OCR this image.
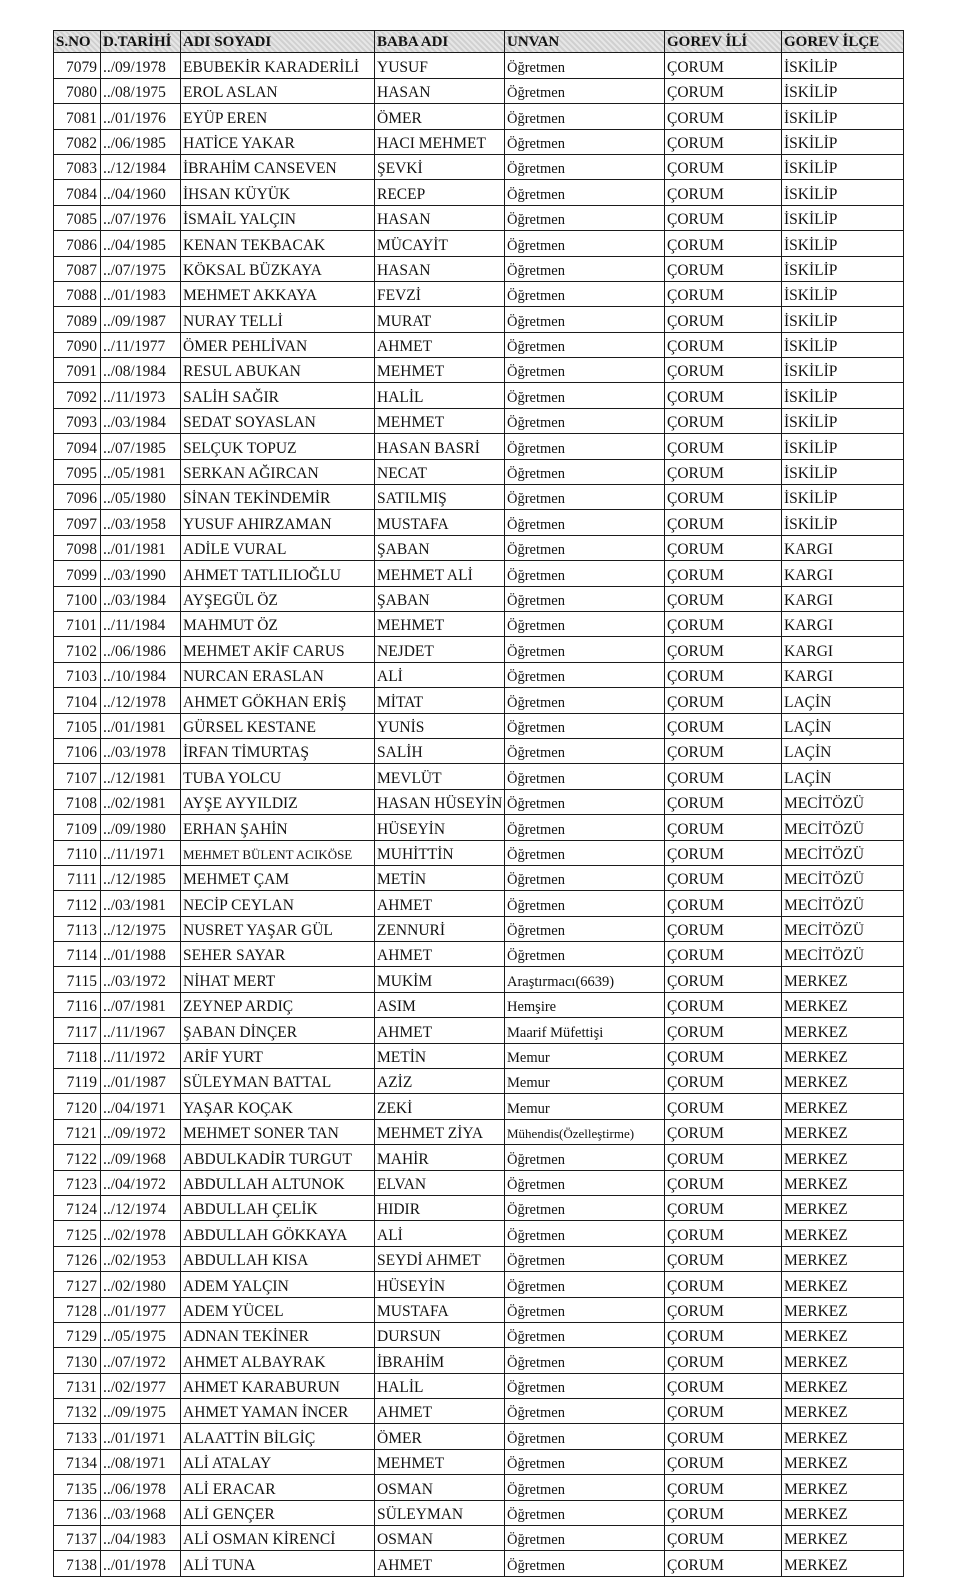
S.NO	D.TARİHİ	ADI SOYADI	BABA ADI	UNVAN	GOREV İLİ	GOREV İLÇE
7079	../09/1978	EBUBEKİR KARADERİLİ	YUSUF	Öğretmen	ÇORUM	İSKİLİP
7080	../08/1975	EROL ASLAN	HASAN	Öğretmen	ÇORUM	İSKİLİP
7081	../01/1976	EYÜP EREN	ÖMER	Öğretmen	ÇORUM	İSKİLİP
7082	../06/1985	HATİCE YAKAR	HACI MEHMET	Öğretmen	ÇORUM	İSKİLİP
7083	../12/1984	İBRAHİM CANSEVEN	ŞEVKİ	Öğretmen	ÇORUM	İSKİLİP
7084	../04/1960	İHSAN KÜYÜK	RECEP	Öğretmen	ÇORUM	İSKİLİP
7085	../07/1976	İSMAİL YALÇIN	HASAN	Öğretmen	ÇORUM	İSKİLİP
7086	../04/1985	KENAN TEKBACAK	MÜCAYİT	Öğretmen	ÇORUM	İSKİLİP
7087	../07/1975	KÖKSAL BÜZKAYA	HASAN	Öğretmen	ÇORUM	İSKİLİP
7088	../01/1983	MEHMET AKKAYA	FEVZİ	Öğretmen	ÇORUM	İSKİLİP
7089	../09/1987	NURAY TELLİ	MURAT	Öğretmen	ÇORUM	İSKİLİP
7090	../11/1977	ÖMER PEHLİVAN	AHMET	Öğretmen	ÇORUM	İSKİLİP
7091	../08/1984	RESUL ABUKAN	MEHMET	Öğretmen	ÇORUM	İSKİLİP
7092	../11/1973	SALİH SAĞIR	HALİL	Öğretmen	ÇORUM	İSKİLİP
7093	../03/1984	SEDAT SOYASLAN	MEHMET	Öğretmen	ÇORUM	İSKİLİP
7094	../07/1985	SELÇUK TOPUZ	HASAN BASRİ	Öğretmen	ÇORUM	İSKİLİP
7095	../05/1981	SERKAN AĞIRCAN	NECAT	Öğretmen	ÇORUM	İSKİLİP
7096	../05/1980	SİNAN TEKİNDEMİR	SATILMIŞ	Öğretmen	ÇORUM	İSKİLİP
7097	../03/1958	YUSUF AHIRZAMAN	MUSTAFA	Öğretmen	ÇORUM	İSKİLİP
7098	../01/1981	ADİLE VURAL	ŞABAN	Öğretmen	ÇORUM	KARGI
7099	../03/1990	AHMET TATLILIOĞLU	MEHMET ALİ	Öğretmen	ÇORUM	KARGI
7100	../03/1984	AYŞEGÜL ÖZ	ŞABAN	Öğretmen	ÇORUM	KARGI
7101	../11/1984	MAHMUT ÖZ	MEHMET	Öğretmen	ÇORUM	KARGI
7102	../06/1986	MEHMET AKİF CARUS	NEJDET	Öğretmen	ÇORUM	KARGI
7103	../10/1984	NURCAN ERASLAN	ALİ	Öğretmen	ÇORUM	KARGI
7104	../12/1978	AHMET GÖKHAN ERİŞ	MİTAT	Öğretmen	ÇORUM	LAÇİN
7105	../01/1981	GÜRSEL KESTANE	YUNİS	Öğretmen	ÇORUM	LAÇİN
7106	../03/1978	İRFAN TİMURTAŞ	SALİH	Öğretmen	ÇORUM	LAÇİN
7107	../12/1981	TUBA YOLCU	MEVLÜT	Öğretmen	ÇORUM	LAÇİN
7108	../02/1981	AYŞE AYYILDIZ	HASAN HÜSEYİN	Öğretmen	ÇORUM	MECİTÖZÜ
7109	../09/1980	ERHAN ŞAHİN	HÜSEYİN	Öğretmen	ÇORUM	MECİTÖZÜ
7110	../11/1971	MEHMET BÜLENT ACIKÖSE	MUHİTTİN	Öğretmen	ÇORUM	MECİTÖZÜ
7111	../12/1985	MEHMET ÇAM	METİN	Öğretmen	ÇORUM	MECİTÖZÜ
7112	../03/1981	NECİP CEYLAN	AHMET	Öğretmen	ÇORUM	MECİTÖZÜ
7113	../12/1975	NUSRET YAŞAR GÜL	ZENNURİ	Öğretmen	ÇORUM	MECİTÖZÜ
7114	../01/1988	SEHER SAYAR	AHMET	Öğretmen	ÇORUM	MECİTÖZÜ
7115	../03/1972	NİHAT MERT	MUKİM	Araştırmacı(6639)	ÇORUM	MERKEZ
7116	../07/1981	ZEYNEP ARDIÇ	ASIM	Hemşire	ÇORUM	MERKEZ
7117	../11/1967	ŞABAN DİNÇER	AHMET	Maarif Müfettişi	ÇORUM	MERKEZ
7118	../11/1972	ARİF YURT	METİN	Memur	ÇORUM	MERKEZ
7119	../01/1987	SÜLEYMAN BATTAL	AZİZ	Memur	ÇORUM	MERKEZ
7120	../04/1971	YAŞAR KOÇAK	ZEKİ	Memur	ÇORUM	MERKEZ
7121	../09/1972	MEHMET SONER TAN	MEHMET ZİYA	Mühendis(Özelleştirme)	ÇORUM	MERKEZ
7122	../09/1968	ABDULKADİR TURGUT	MAHİR	Öğretmen	ÇORUM	MERKEZ
7123	../04/1972	ABDULLAH ALTUNOK	ELVAN	Öğretmen	ÇORUM	MERKEZ
7124	../12/1974	ABDULLAH ÇELİK	HIDIR	Öğretmen	ÇORUM	MERKEZ
7125	../02/1978	ABDULLAH GÖKKAYA	ALİ	Öğretmen	ÇORUM	MERKEZ
7126	../02/1953	ABDULLAH KISA	SEYDİ AHMET	Öğretmen	ÇORUM	MERKEZ
7127	../02/1980	ADEM YALÇIN	HÜSEYİN	Öğretmen	ÇORUM	MERKEZ
7128	../01/1977	ADEM YÜCEL	MUSTAFA	Öğretmen	ÇORUM	MERKEZ
7129	../05/1975	ADNAN TEKİNER	DURSUN	Öğretmen	ÇORUM	MERKEZ
7130	../07/1972	AHMET ALBAYRAK	İBRAHİM	Öğretmen	ÇORUM	MERKEZ
7131	../02/1977	AHMET KARABURUN	HALİL	Öğretmen	ÇORUM	MERKEZ
7132	../09/1975	AHMET YAMAN İNCER	AHMET	Öğretmen	ÇORUM	MERKEZ
7133	../01/1971	ALAATTİN BİLGİÇ	ÖMER	Öğretmen	ÇORUM	MERKEZ
7134	../08/1971	ALİ ATALAY	MEHMET	Öğretmen	ÇORUM	MERKEZ
7135	../06/1978	ALİ ERACAR	OSMAN	Öğretmen	ÇORUM	MERKEZ
7136	../03/1968	ALİ GENÇER	SÜLEYMAN	Öğretmen	ÇORUM	MERKEZ
7137	../04/1983	ALİ OSMAN KİRENCİ	OSMAN	Öğretmen	ÇORUM	MERKEZ
7138	../01/1978	ALİ TUNA	AHMET	Öğretmen	ÇORUM	MERKEZ
